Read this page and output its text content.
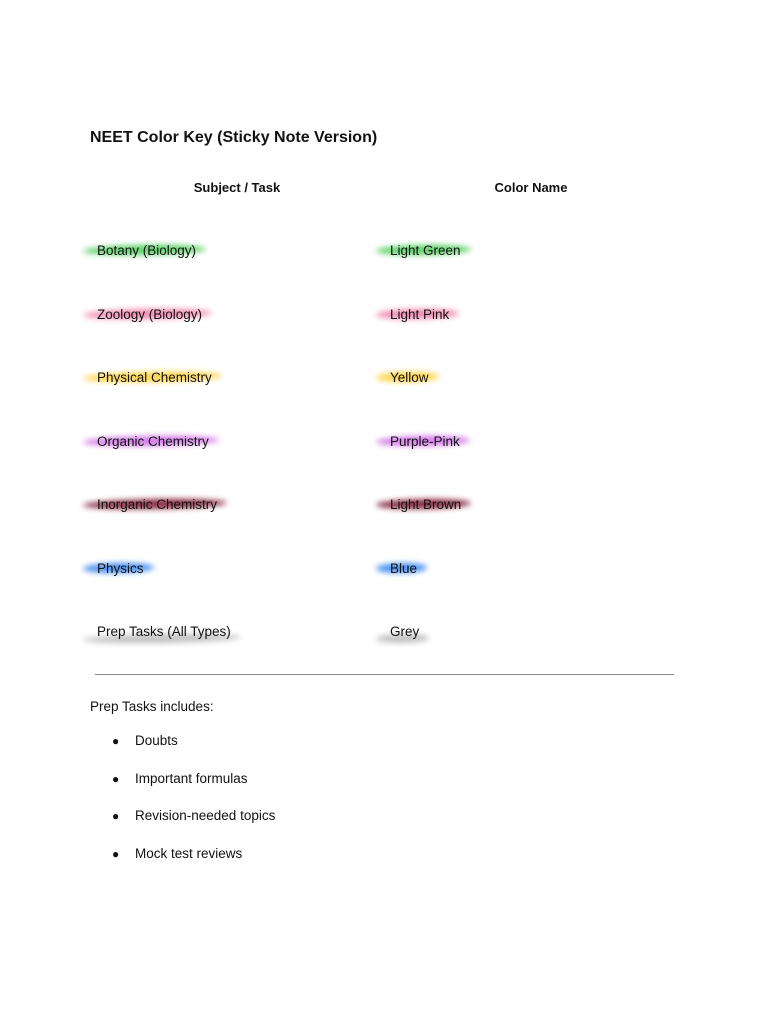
NEET Color Key (Sticky Note Version)
Subject / Task	Color Name
Botany (Biology)	Light Green
Zoology (Biology)	Light Pink
Physical Chemistry	Yellow
Organic Chemistry	Purple-Pink
Inorganic Chemistry	Light Brown
Physics	Blue
Prep Tasks (All Types)	Grey
Prep Tasks includes:
● Doubts
● Important formulas
● Revision-needed topics
● Mock test reviews
